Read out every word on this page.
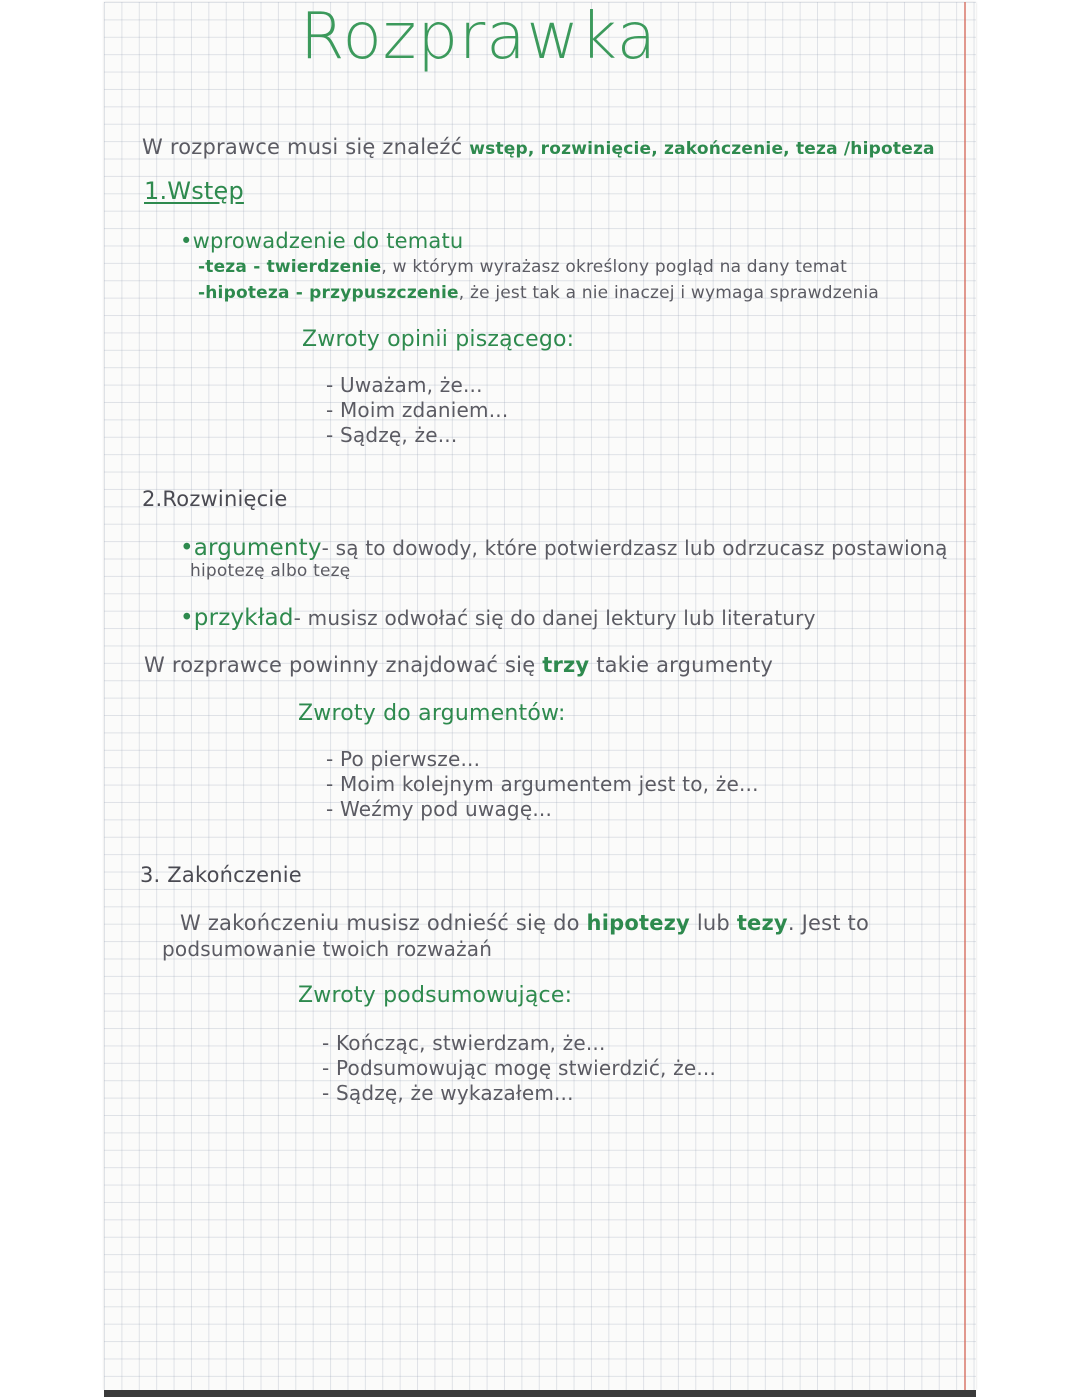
Rozprawka
W rozprawce musi się znaleźć wstęp, rozwinięcie, zakończenie, teza /hipoteza
1.Wstęp
•wprowadzenie do tematu
-teza - twierdzenie, w którym wyrażasz określony pogląd na dany temat
-hipoteza - przypuszczenie, że jest tak a nie inaczej i wymaga sprawdzenia
Zwroty opinii piszącego:
- Uważam, że...
- Moim zdaniem...
- Sądzę, że...
2.Rozwinięcie
•argumenty- są to dowody, które potwierdzasz lub odrzucasz postawioną
hipotezę albo tezę
•przykład- musisz odwołać się do danej lektury lub literatury
W rozprawce powinny znajdować się trzy takie argumenty
Zwroty do argumentów:
- Po pierwsze...
- Moim kolejnym argumentem jest to, że...
- Weźmy pod uwagę...
3. Zakończenie
W zakończeniu musisz odnieść się do hipotezy lub tezy. Jest to
podsumowanie twoich rozważań
Zwroty podsumowujące:
- Kończąc, stwierdzam, że...
- Podsumowując mogę stwierdzić, że...
- Sądzę, że wykazałem...
